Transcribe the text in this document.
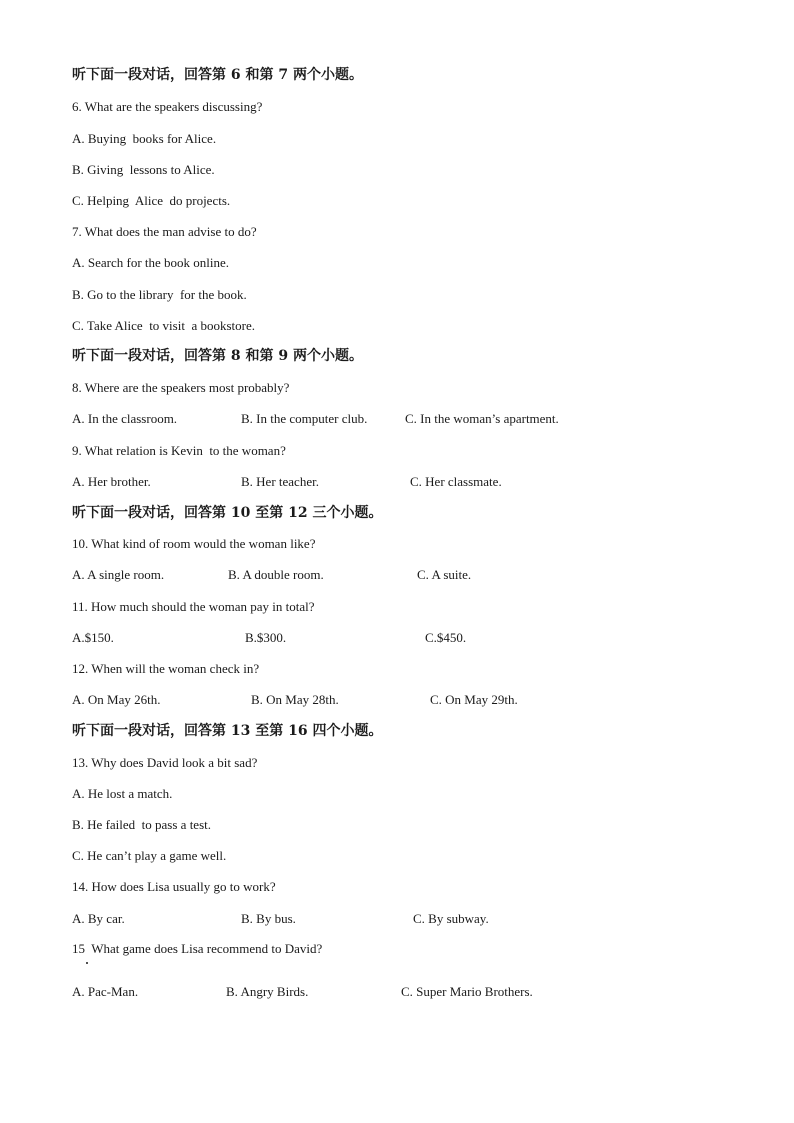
听下面一段对话，回答第 6 和第 7 两个小题。
6. What are the speakers discussing?
A. Buying  books for Alice.
B. Giving  lessons to Alice.
C. Helping  Alice  do projects.
7. What does the man advise to do?
A. Search for the book online.
B. Go to the library  for the book.
C. Take Alice  to visit  a bookstore.
听下面一段对话，回答第 8 和第 9 两个小题。
8. Where are the speakers most probably?
A. In the classroom.	B. In the computer club.	C. In the woman’s apartment.
9. What relation is Kevin  to the woman?
A. Her brother.	B. Her teacher.	C. Her classmate.
听下面一段对话，回答第 10 至第 12 三个小题。
10. What kind of room would the woman like?
A. A single room.	B. A double room.	C. A suite.
11. How much should the woman pay in total?
A.$150.	B.$300.	C.$450.
12. When will the woman check in?
A. On May 26th.	B. On May 28th.	C. On May 29th.
听下面一段对话，回答第 13 至第 16 四个小题。
13. Why does David look a bit sad?
A. He lost a match.
B. He failed  to pass a test.
C. He can’t play a game well.
14. How does Lisa usually go to work?
A. By car.	B. By bus.	C. By subway.
15  What game does Lisa recommend to David?
A. Pac-Man.	B. Angry Birds.	C. Super Mario Brothers.
